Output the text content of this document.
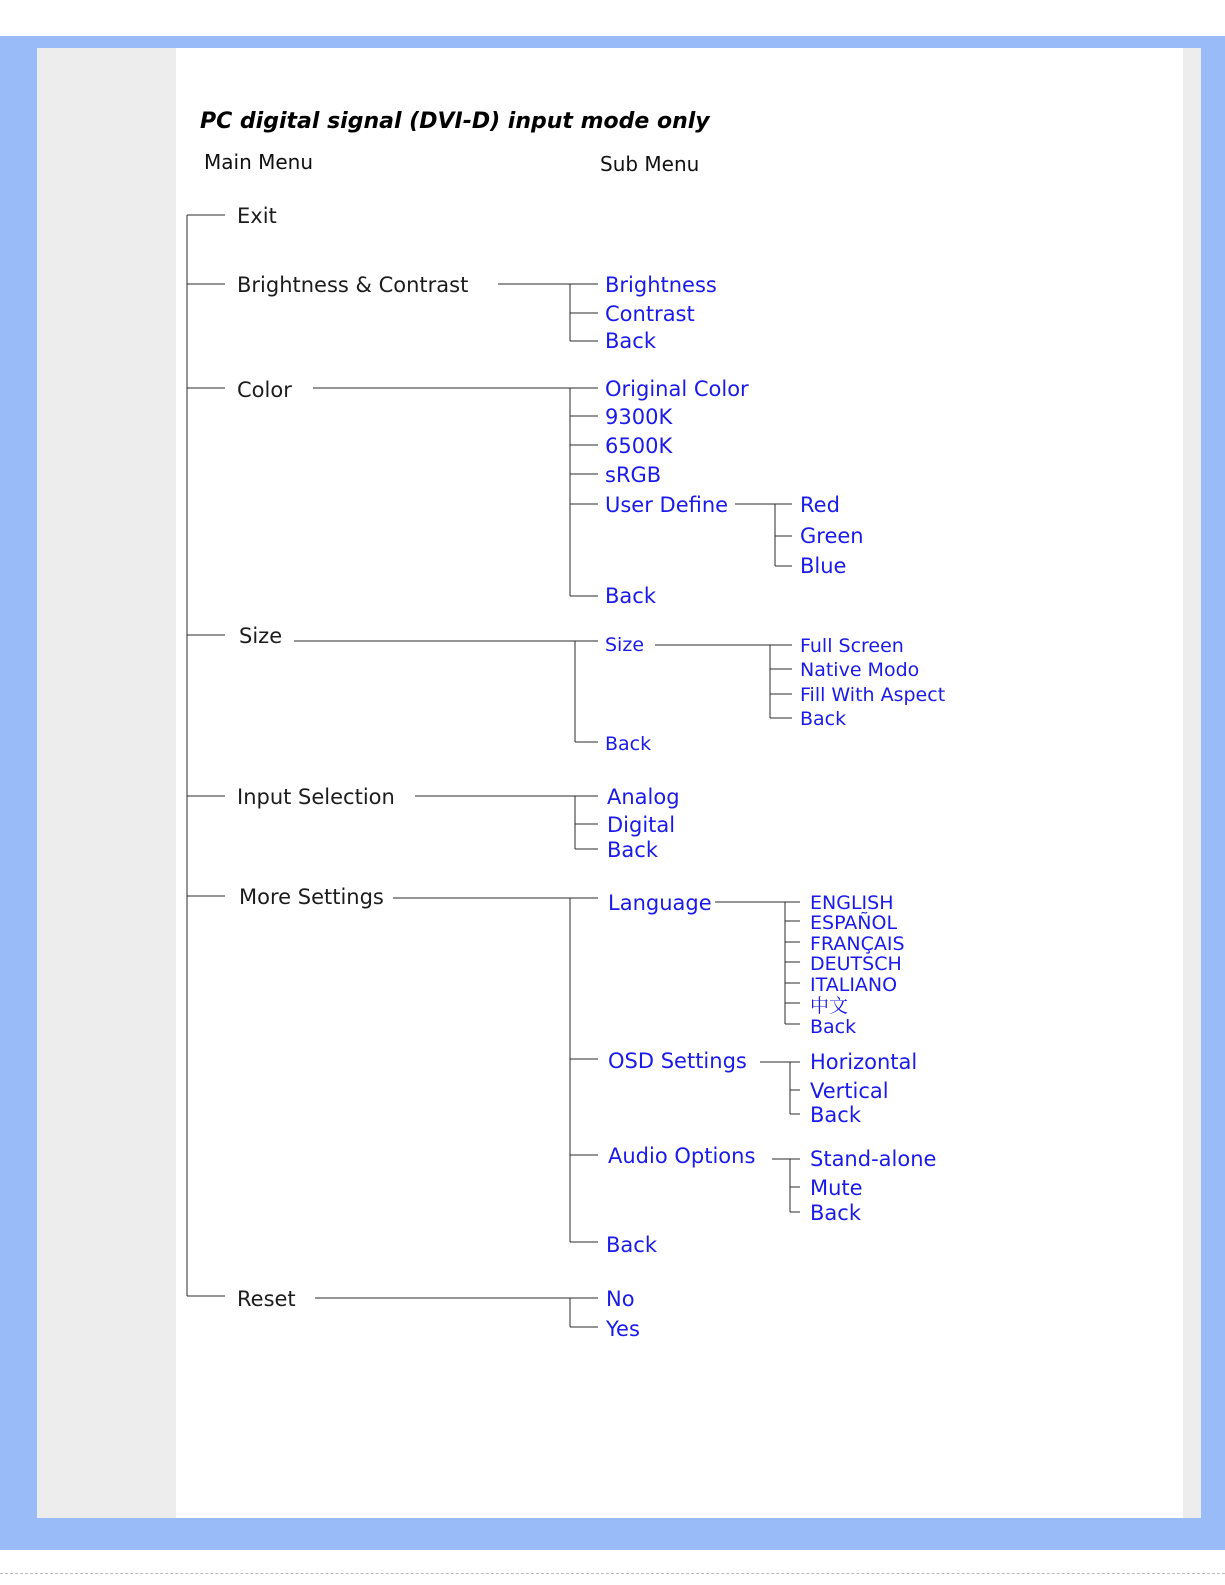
PC digital signal (DVI-D) input mode only
Main Menu	Sub Menu
Exit
Brightness & Contrast
Color
Size
Input Selection
More Settings
Reset
Brightness
Contrast
Back
Original Color
9300K
6500K
sRGB
User Define
Back
Red
Green
Blue
Size
Back
Full Screen
Native Modo
Fill With Aspect
Back
Analog
Digital
Back
Language
OSD Settings
Audio Options
Back
ENGLISH
ESPAÑOL
FRANÇAIS
DEUTSCH
ITALIANO
中文
Back
Horizontal
Vertical
Back
Stand-alone
Mute
Back
No
Yes
